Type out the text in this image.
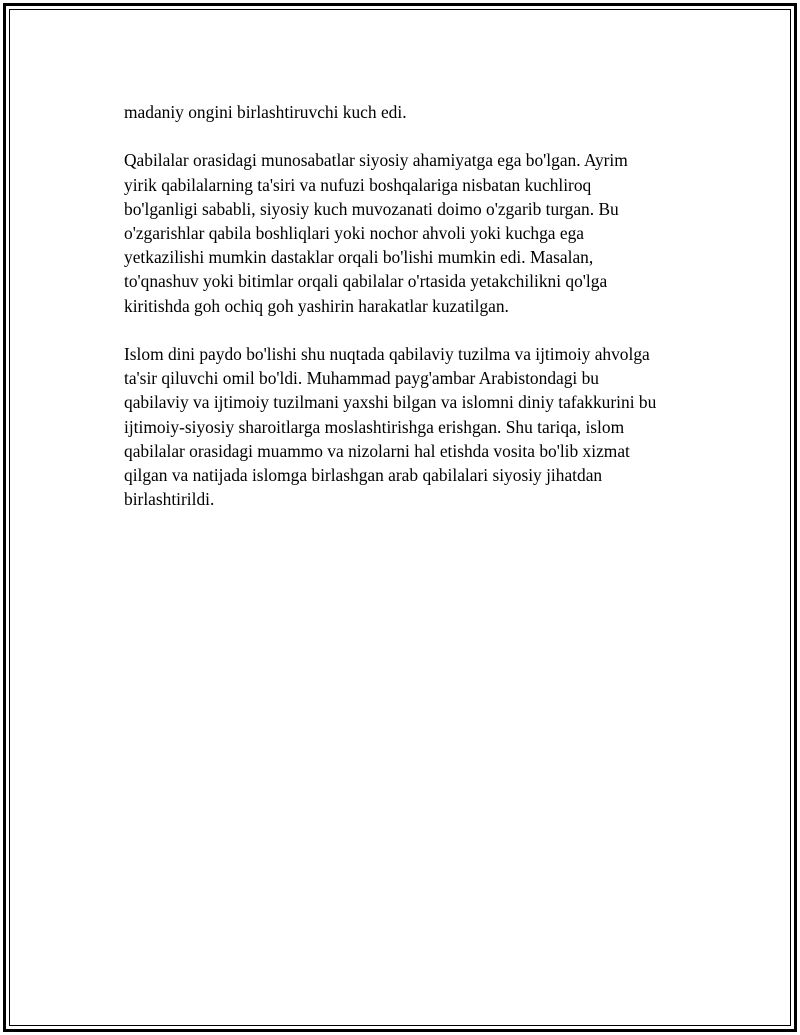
madaniy ongini birlashtiruvchi kuch edi.

Qabilalar orasidagi munosabatlar siyosiy ahamiyatga ega bo'lgan. Ayrim
yirik qabilalarning ta'siri va nufuzi boshqalariga nisbatan kuchliroq
bo'lganligi sababli, siyosiy kuch muvozanati doimo o'zgarib turgan. Bu
o'zgarishlar qabila boshliqlari yoki nochor ahvoli yoki kuchga ega
yetkazilishi mumkin dastaklar orqali bo'lishi mumkin edi. Masalan,
to'qnashuv yoki bitimlar orqali qabilalar o'rtasida yetakchilikni qo'lga
kiritishda goh ochiq goh yashirin harakatlar kuzatilgan.

Islom dini paydo bo'lishi shu nuqtada qabilaviy tuzilma va ijtimoiy ahvolga
ta'sir qiluvchi omil bo'ldi. Muhammad payg'ambar Arabistondagi bu
qabilaviy va ijtimoiy tuzilmani yaxshi bilgan va islomni diniy tafakkurini bu
ijtimoiy-siyosiy sharoitlarga moslashtirishga erishgan. Shu tariqa, islom
qabilalar orasidagi muammo va nizolarni hal etishda vosita bo'lib xizmat
qilgan va natijada islomga birlashgan arab qabilalari siyosiy jihatdan
birlashtirildi.
